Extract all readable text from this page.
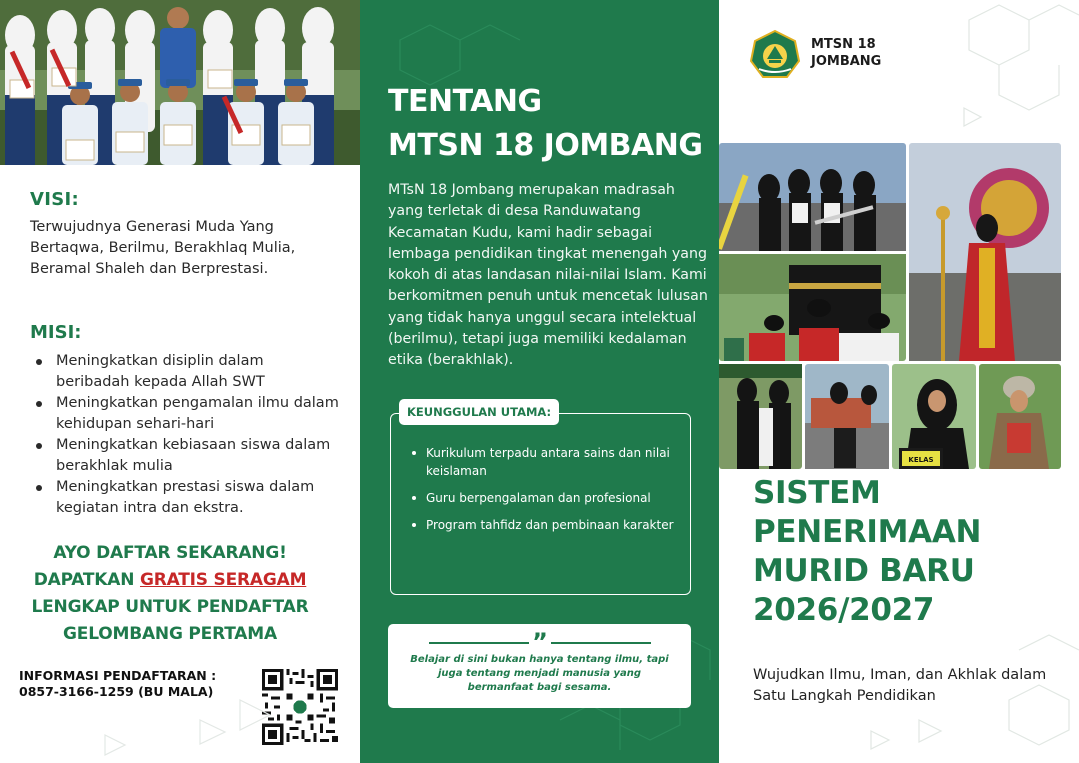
VISI:
Terwujudnya Generasi Muda Yang Bertaqwa, Berilmu, Berakhlaq Mulia, Beramal Shaleh dan Berprestasi.
MISI:
Meningkatkan disiplin dalam beribadah kepada Allah SWT
Meningkatkan pengamalan ilmu dalam kehidupan sehari-hari
Meningkatkan kebiasaan siswa dalam berakhlak mulia
Meningkatkan prestasi siswa dalam kegiatan intra dan ekstra.
AYO DAFTAR SEKARANG!
DAPATKAN GRATIS SERAGAM
LENGKAP UNTUK PENDAFTAR
GELOMBANG PERTAMA
INFORMASI PENDAFTARAN :
0857-3166-1259 (BU MALA)
TENTANG
MTSN 18 JOMBANG
MTsN 18 Jombang merupakan madrasah yang terletak di desa Randuwatang Kecamatan Kudu, kami hadir sebagai lembaga pendidikan tingkat menengah yang kokoh di atas landasan nilai-nilai Islam. Kami berkomitmen penuh untuk mencetak lulusan yang tidak hanya unggul secara intelektual (berilmu), tetapi juga memiliki kedalaman etika (berakhlak).
KEUNGGULAN UTAMA:
Kurikulum terpadu antara sains dan nilai keislaman
Guru berpengalaman dan profesional
Program tahfidz dan pembinaan karakter
”
Belajar di sini bukan hanya tentang ilmu, tapi juga tentang menjadi manusia yang bermanfaat bagi sesama.
MTSN 18
JOMBANG
KELAS
SISTEM
PENERIMAAN
MURID BARU
2026/2027
Wujudkan Ilmu, Iman, dan Akhlak dalam Satu Langkah Pendidikan
